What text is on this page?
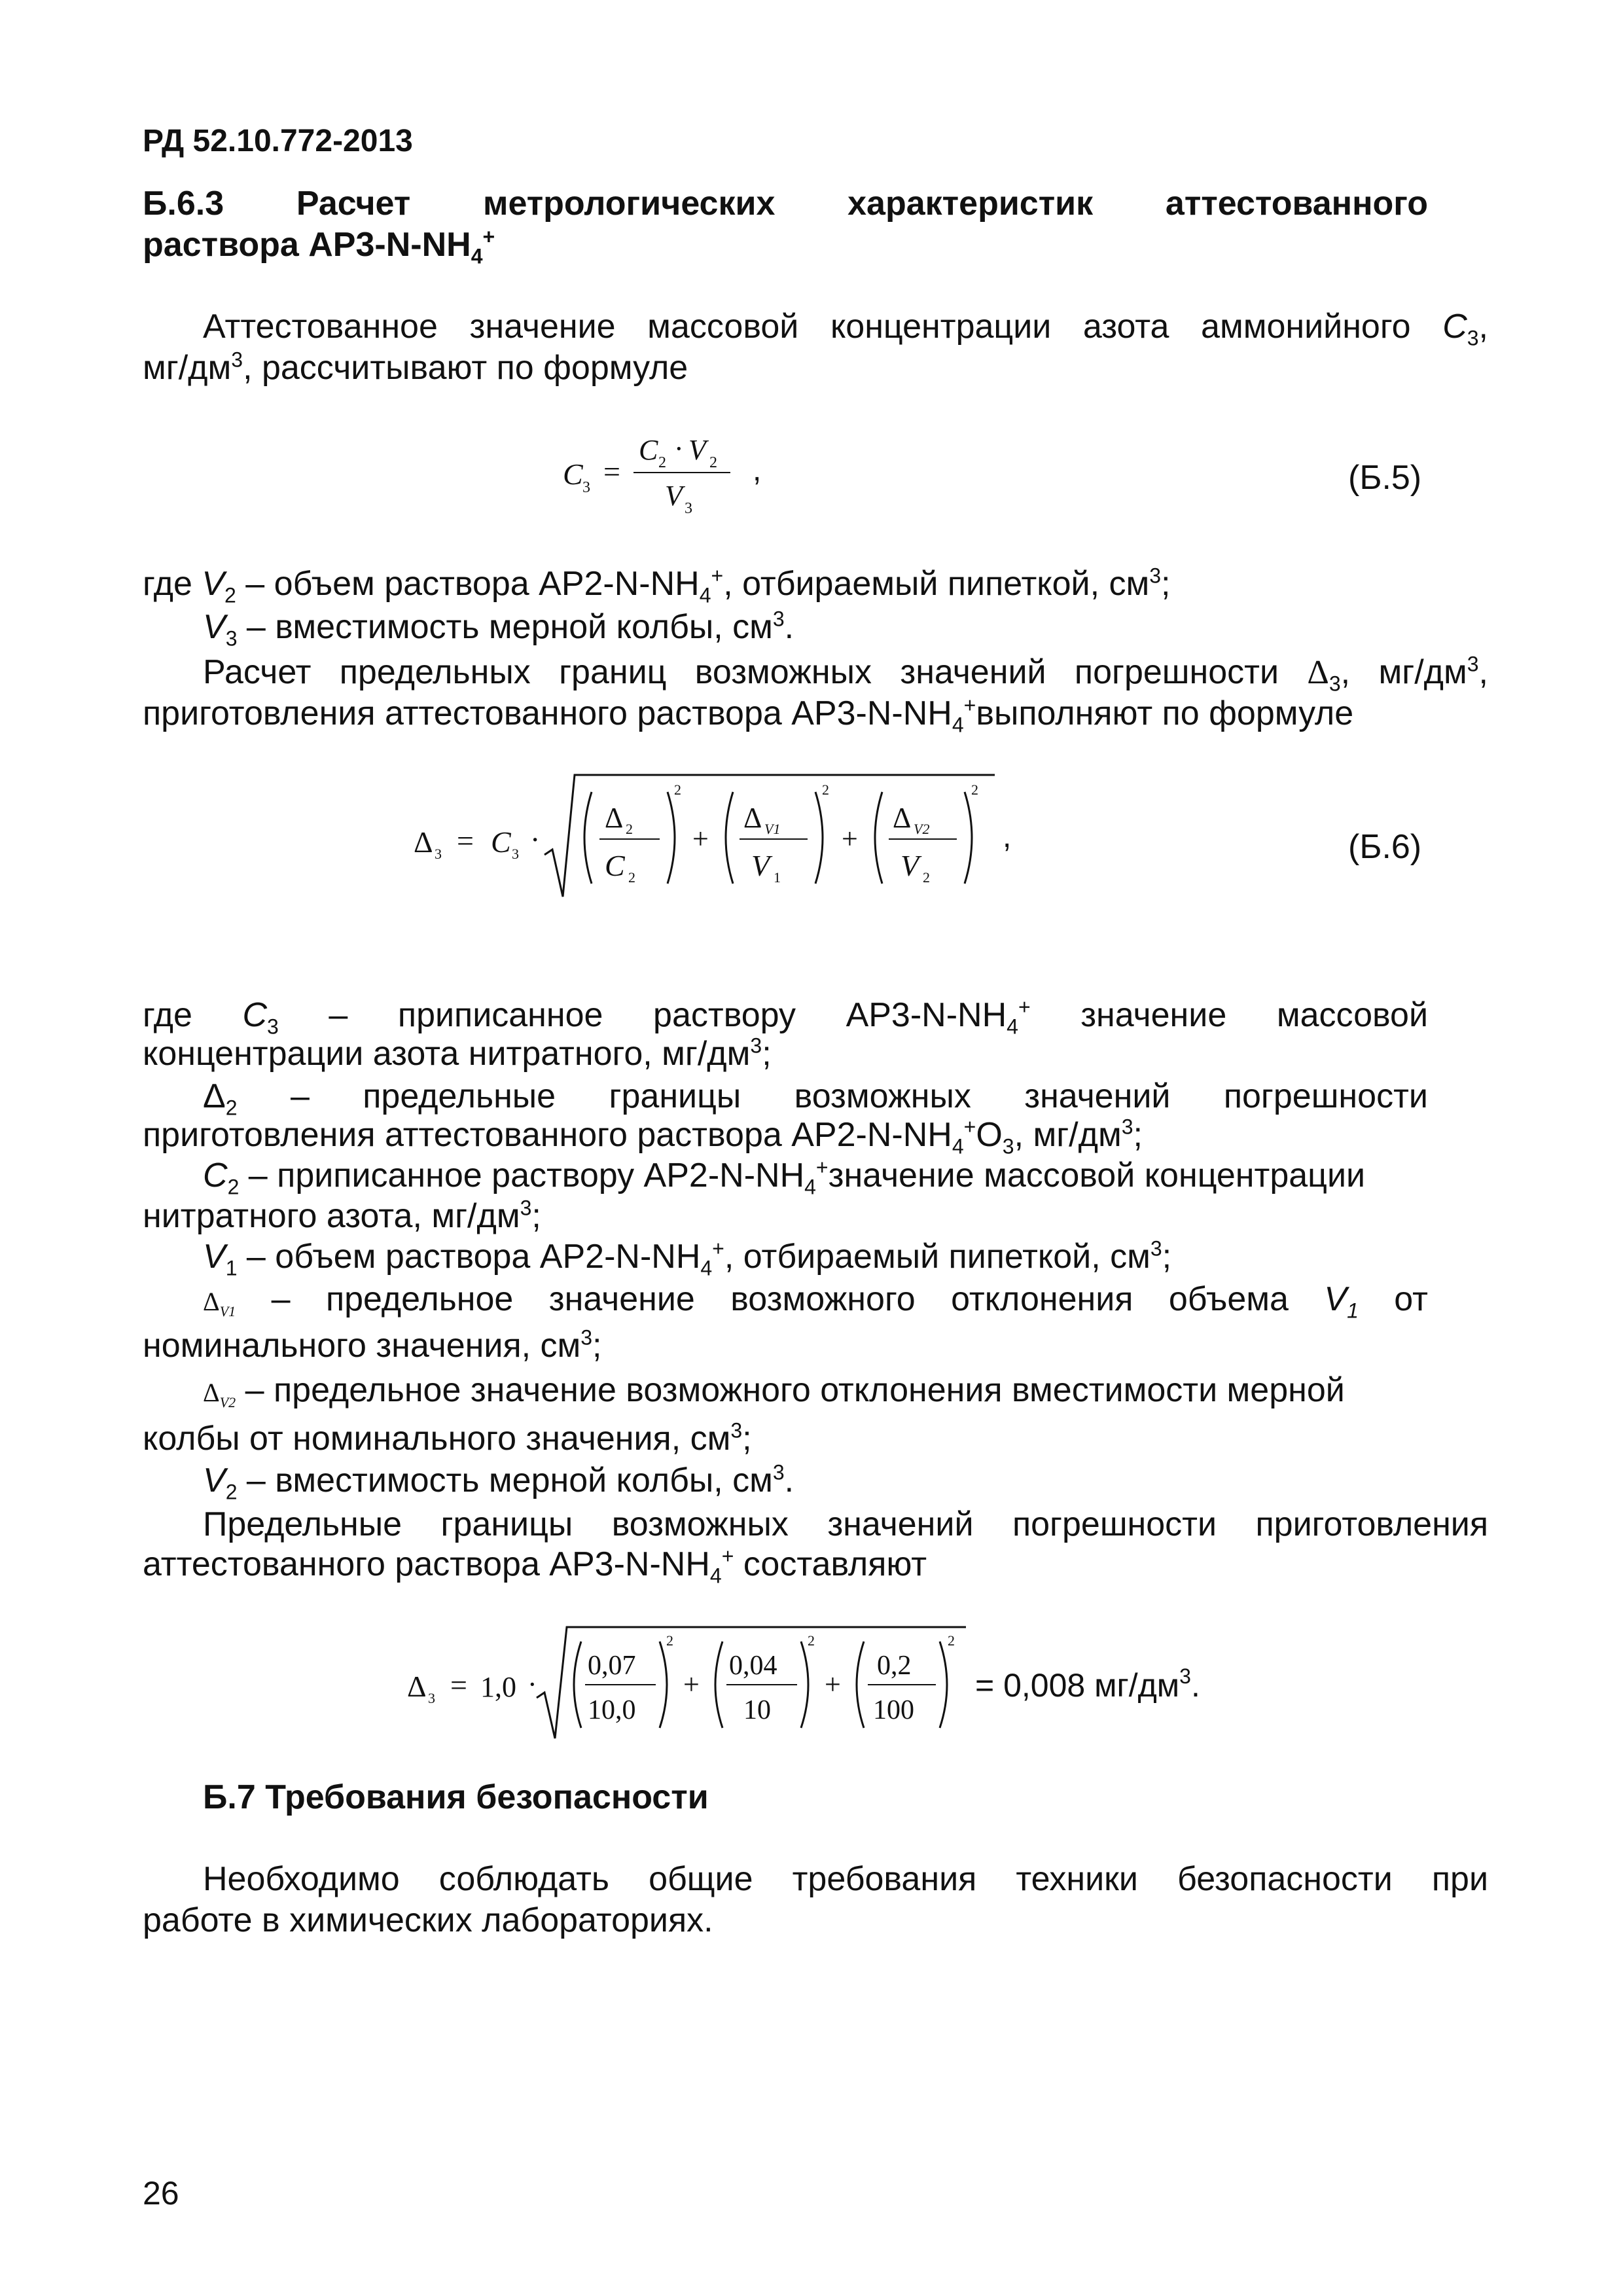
РД 52.10.772-2013
Б.6.3 Расчет метрологических характеристик аттестованного
раствора $АР3-N-NH_4^+$
Аттестованное значение массовой концентрации азота аммонийного $C_3$,
$мг/дм^3$, рассчитывают по формуле
C 3 =
C 2 · V 2
V 3
,	(Б.5)
где $V_2$ – объем раствора $АР2-N-NH_4^+$, отбираемый пипеткой, $см^3$;
$V_3$ – вместимость мерной колбы, $см^3$.
Расчет предельных границ возможных значений погрешности $\Delta_3$, $мг/дм^3$,
приготовления аттестованного раствора $АР3-N-NH_4^+выполняют$ по формуле
Δ 3 = C 3 ·
Δ 2
C 2
2
+
Δ V1
V 1
2
+
Δ V2
V 2
2
,	(Б.6)
где $C_3$ – приписанное раствору $АР3-N-NH_4^+$ значение массовой
концентрации азота нитратного, $мг/дм^3$;
$\Delta_2$ – предельные границы возможных значений погрешности
приготовления аттестованного раствора $АР2-N-NH_4^+O_3$, $мг/дм^3$;
$C_2$ – приписанное раствору $АР2-N-NH_4^+значение$ массовой концентрации
нитратного азота, $мг/дм^3$;
$V_1$ – объем раствора $АР2-N-NH_4^+$, отбираемый пипеткой, $см^3$;
$\Delta_{V1}$ – предельное значение возможного отклонения объема $V_1$ от
номинального значения, $см^3$;
$\Delta_{V2}$ – предельное значение возможного отклонения вместимости мерной
колбы от номинального значения, $см^3$;
$V_2$ – вместимость мерной колбы, $см^3$.
Предельные границы возможных значений погрешности приготовления
аттестованного раствора $АР3-N-NH_4^+$ составляют
Δ 3 = 1,0 ·
0,07
10,0
2
+
0,04
10
2
+
0,2
100
2
= 0,008 $мг/дм^3$.
Б.7 Требования безопасности
Необходимо соблюдать общие требования техники безопасности при
работе в химических лабораториях.
26
